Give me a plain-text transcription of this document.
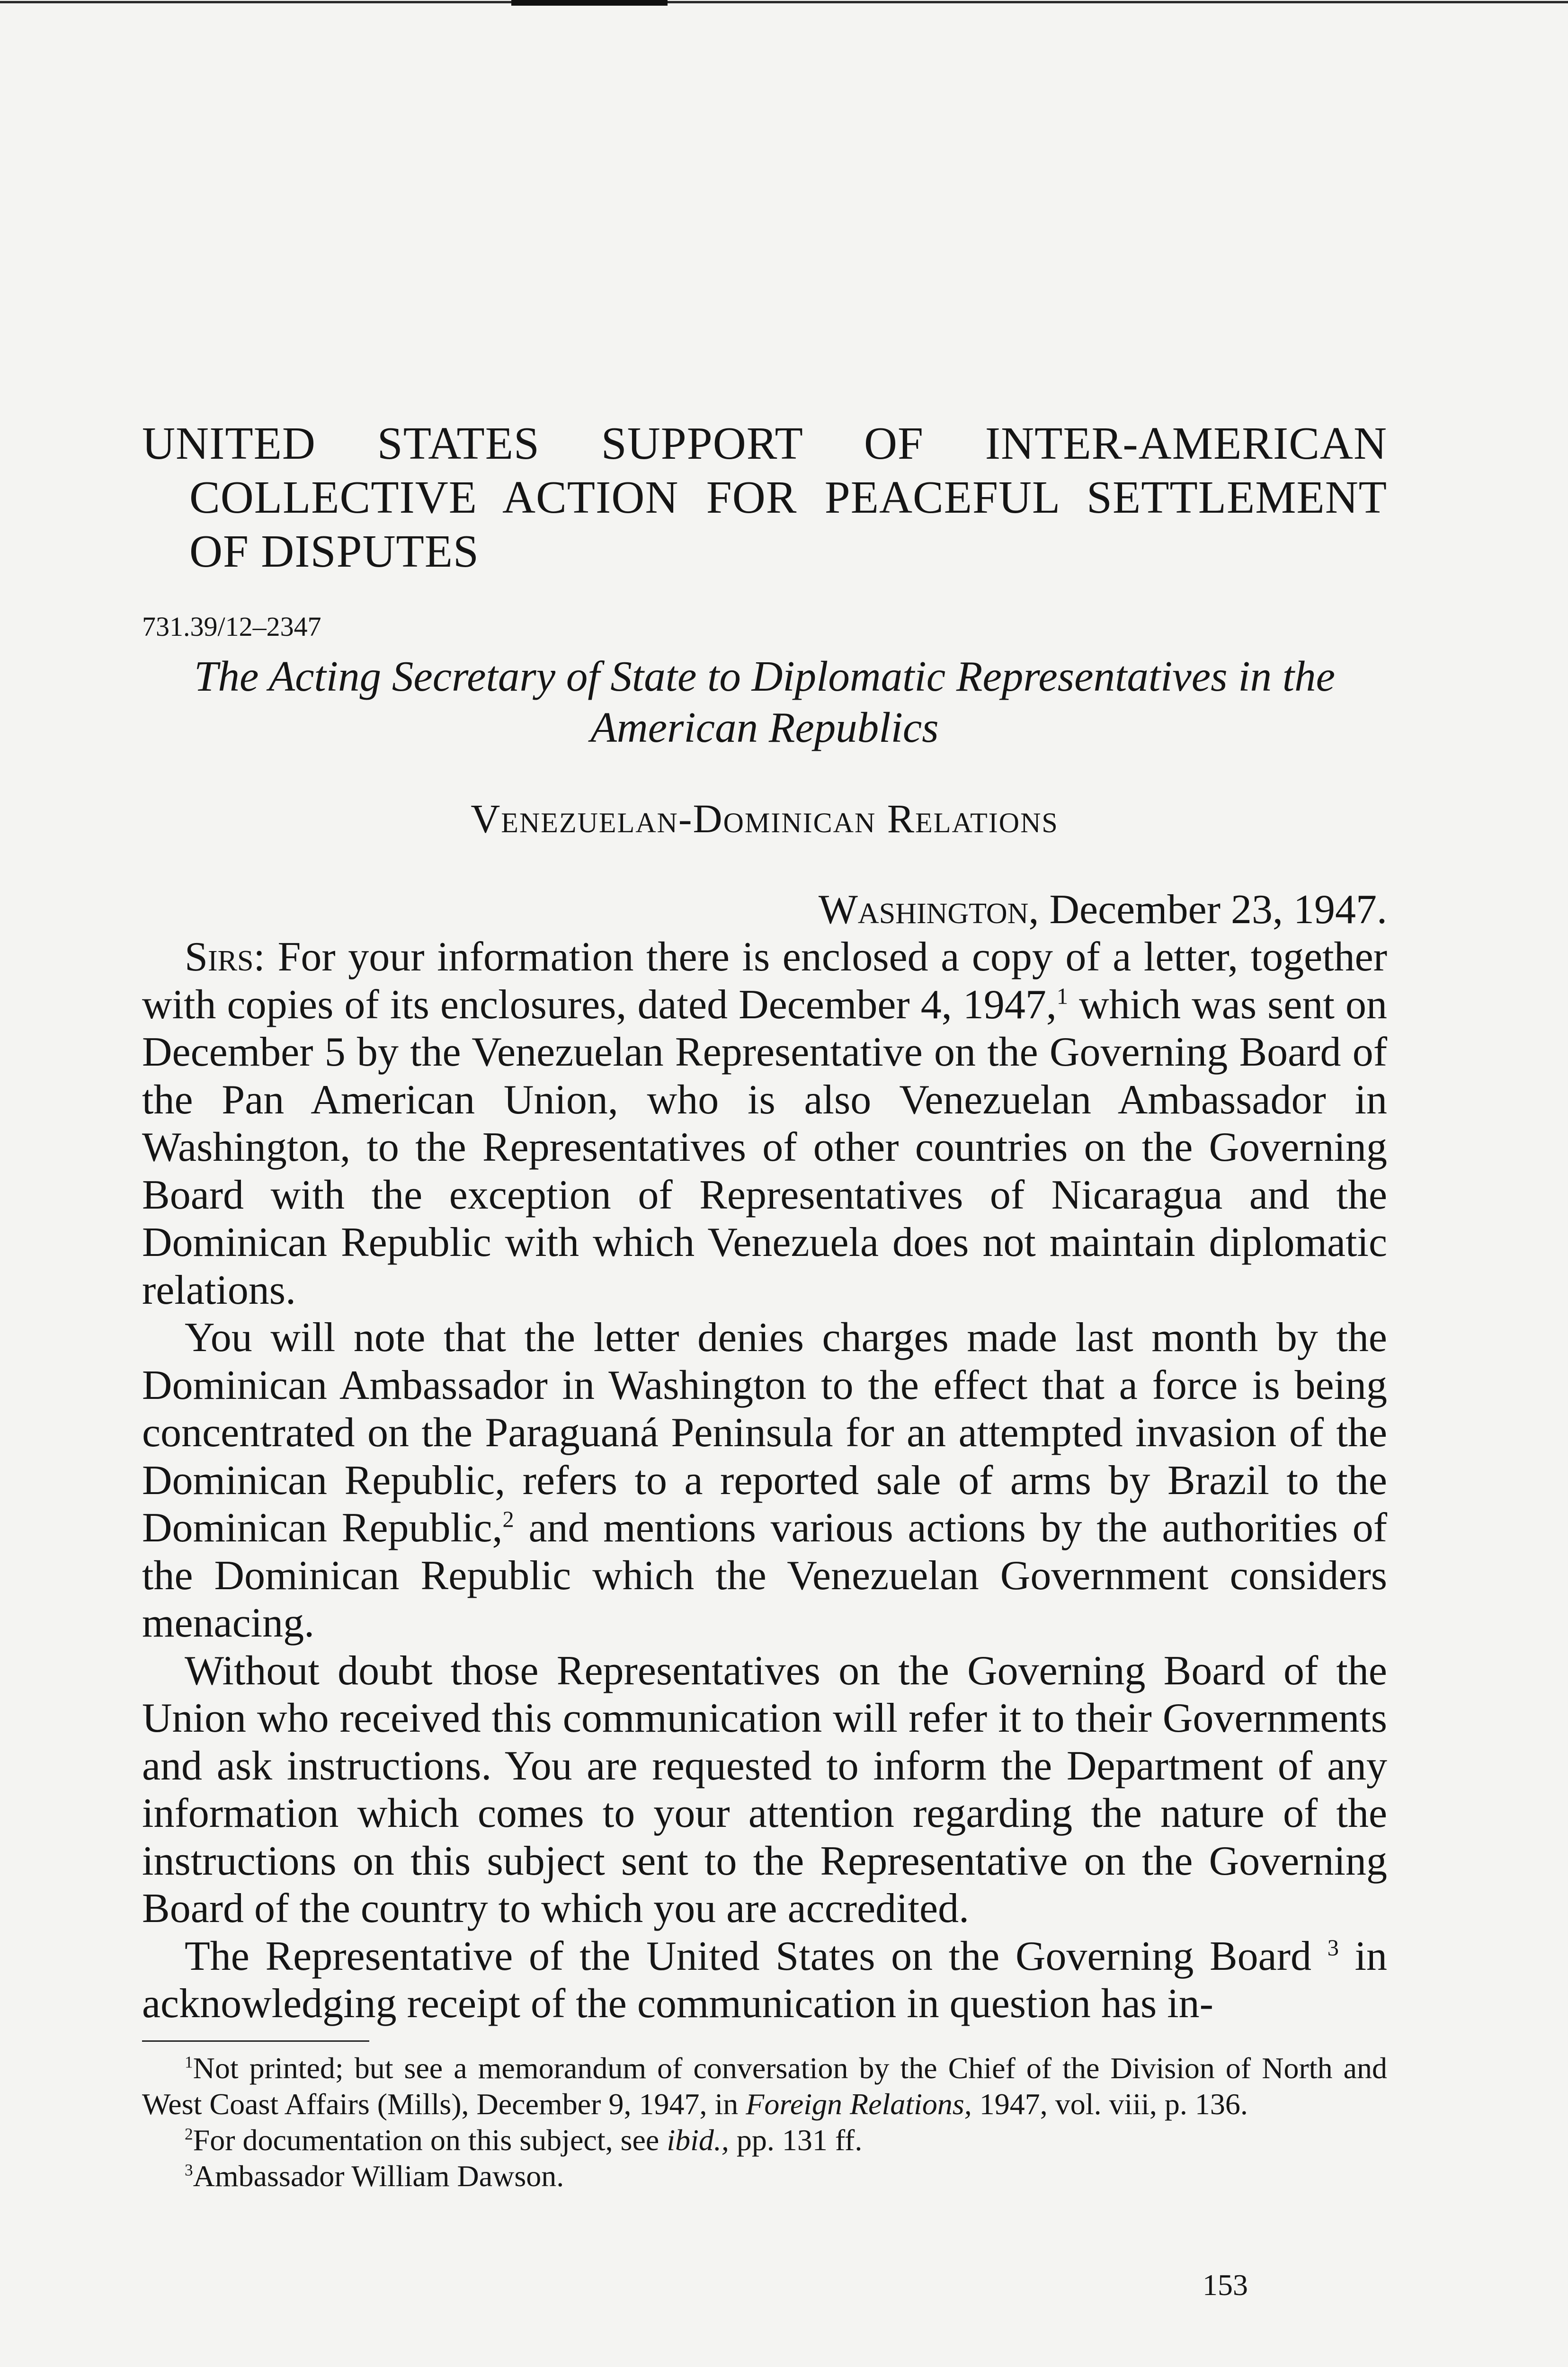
UNITED STATES SUPPORT OF INTER-AMERICAN COLLECTIVE ACTION FOR PEACEFUL SETTLEMENT OF DISPUTES

731.39/12–2347

The Acting Secretary of State to Diplomatic Representatives in the American Republics

Venezuelan-Dominican Relations

Washington, December 23, 1947.

Sirs: For your information there is enclosed a copy of a letter, together with copies of its enclosures, dated December 4, 1947,$^1$ which was sent on December 5 by the Venezuelan Representative on the Governing Board of the Pan American Union, who is also Venezuelan Ambassador in Washington, to the Representatives of other countries on the Governing Board with the exception of Representatives of Nicaragua and the Dominican Republic with which Venezuela does not maintain diplomatic relations.

You will note that the letter denies charges made last month by the Dominican Ambassador in Washington to the effect that a force is being concentrated on the Paraguaná Peninsula for an attempted invasion of the Dominican Republic, refers to a reported sale of arms by Brazil to the Dominican Republic,$^2$ and mentions various actions by the authorities of the Dominican Republic which the Venezuelan Government considers menacing.

Without doubt those Representatives on the Governing Board of the Union who received this communication will refer it to their Governments and ask instructions. You are requested to inform the Department of any information which comes to your attention regarding the nature of the instructions on this subject sent to the Representative on the Governing Board of the country to which you are accredited.

The Representative of the United States on the Governing Board $^3$ in acknowledging receipt of the communication in question has in-

$^1$Not printed; but see a memorandum of conversation by the Chief of the Division of North and West Coast Affairs (Mills), December 9, 1947, in Foreign Relations, 1947, vol. viii, p. 136.

$^2$For documentation on this subject, see ibid., pp. 131 ff.

$^3$Ambassador William Dawson.

153
